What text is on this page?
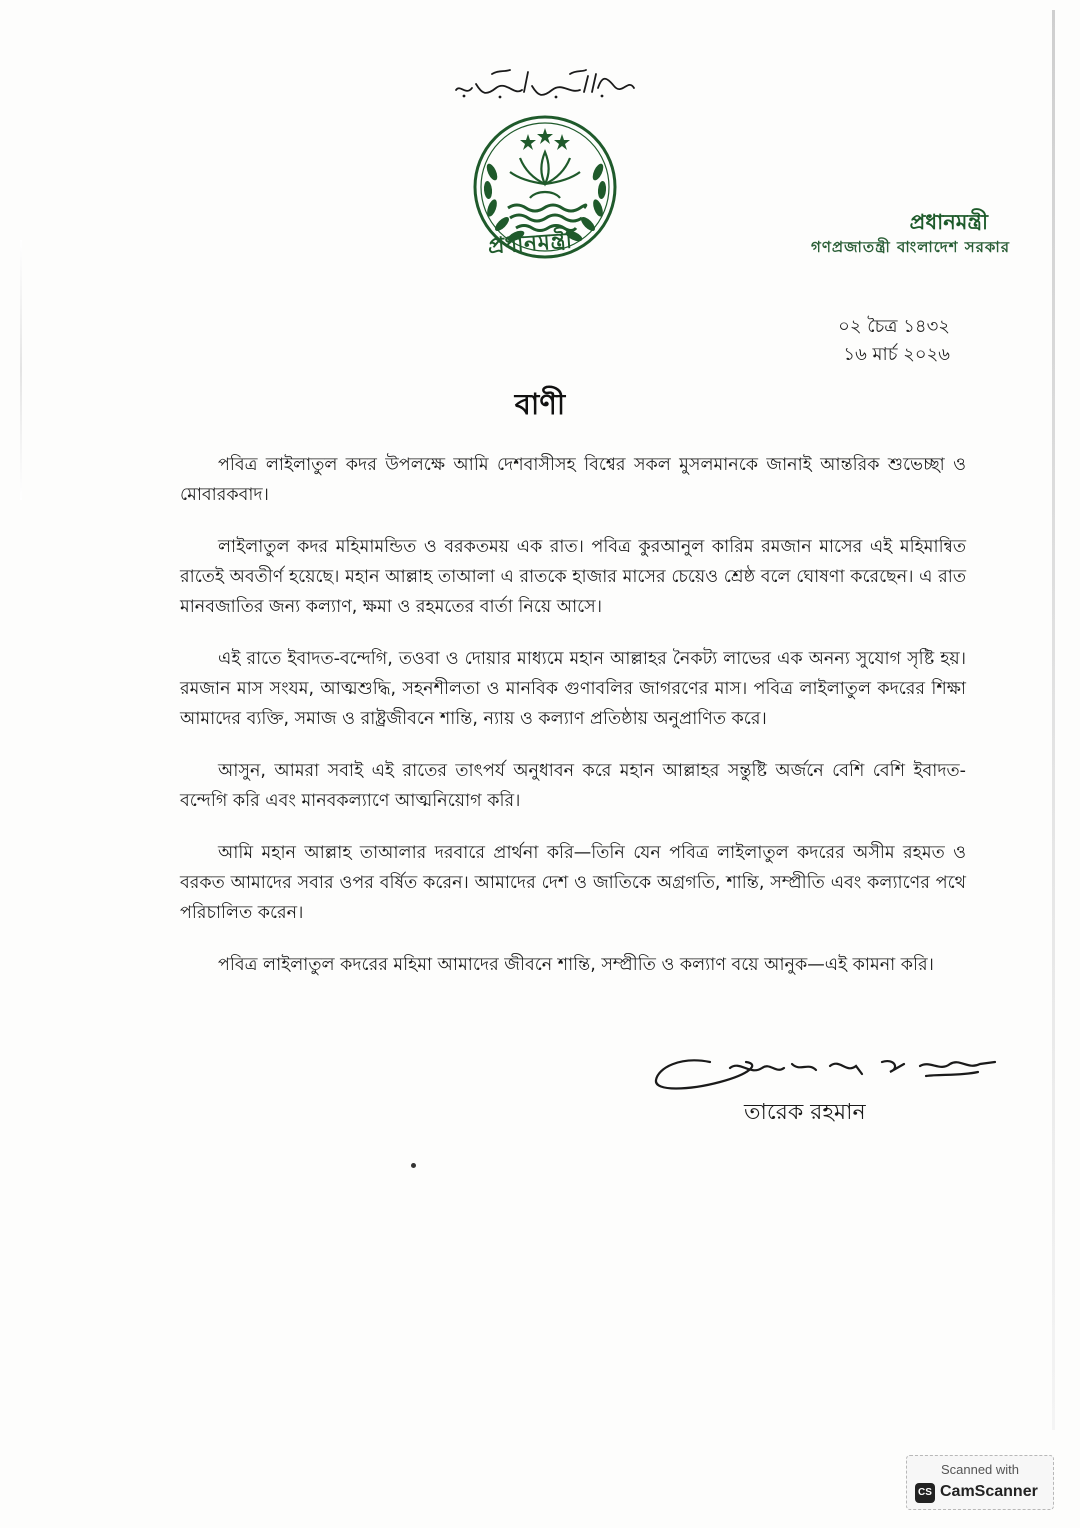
প্রধানমন্ত্রী
প্রধানমন্ত্রী
গণপ্রজাতন্ত্রী বাংলাদেশ সরকার
০২ চৈত্র ১৪৩২
১৬ মার্চ ২০২৬
বাণী

পবিত্র লাইলাতুল কদর উপলক্ষে আমি দেশবাসীসহ বিশ্বের সকল মুসলমানকে জানাই আন্তরিক শুভেচ্ছা ও মোবারকবাদ।

লাইলাতুল কদর মহিমামন্ডিত ও বরকতময় এক রাত। পবিত্র কুরআনুল কারিম রমজান মাসের এই মহিমান্বিত রাতেই অবতীর্ণ হয়েছে। মহান আল্লাহ তাআলা এ রাতকে হাজার মাসের চেয়েও শ্রেষ্ঠ বলে ঘোষণা করেছেন। এ রাত মানবজাতির জন্য কল্যাণ, ক্ষমা ও রহমতের বার্তা নিয়ে আসে।

এই রাতে ইবাদত-বন্দেগি, তওবা ও দোয়ার মাধ্যমে মহান আল্লাহর নৈকট্য লাভের এক অনন্য সুযোগ সৃষ্টি হয়। রমজান মাস সংযম, আত্মশুদ্ধি, সহনশীলতা ও মানবিক গুণাবলির জাগরণের মাস। পবিত্র লাইলাতুল কদরের শিক্ষা আমাদের ব্যক্তি, সমাজ ও রাষ্ট্রজীবনে শান্তি, ন্যায় ও কল্যাণ প্রতিষ্ঠায় অনুপ্রাণিত করে।

আসুন, আমরা সবাই এই রাতের তাৎপর্য অনুধাবন করে মহান আল্লাহর সন্তুষ্টি অর্জনে বেশি বেশি ইবাদত-বন্দেগি করি এবং মানবকল্যাণে আত্মনিয়োগ করি।

আমি মহান আল্লাহ তাআলার দরবারে প্রার্থনা করি—তিনি যেন পবিত্র লাইলাতুল কদরের অসীম রহমত ও বরকত আমাদের সবার ওপর বর্ষিত করেন। আমাদের দেশ ও জাতিকে অগ্রগতি, শান্তি, সম্প্রীতি এবং কল্যাণের পথে পরিচালিত করেন।

পবিত্র লাইলাতুল কদরের মহিমা আমাদের জীবনে শান্তি, সম্প্রীতি ও কল্যাণ বয়ে আনুক—এই কামনা করি।

তারেক রহমান
Scanned with
CS CamScanner
